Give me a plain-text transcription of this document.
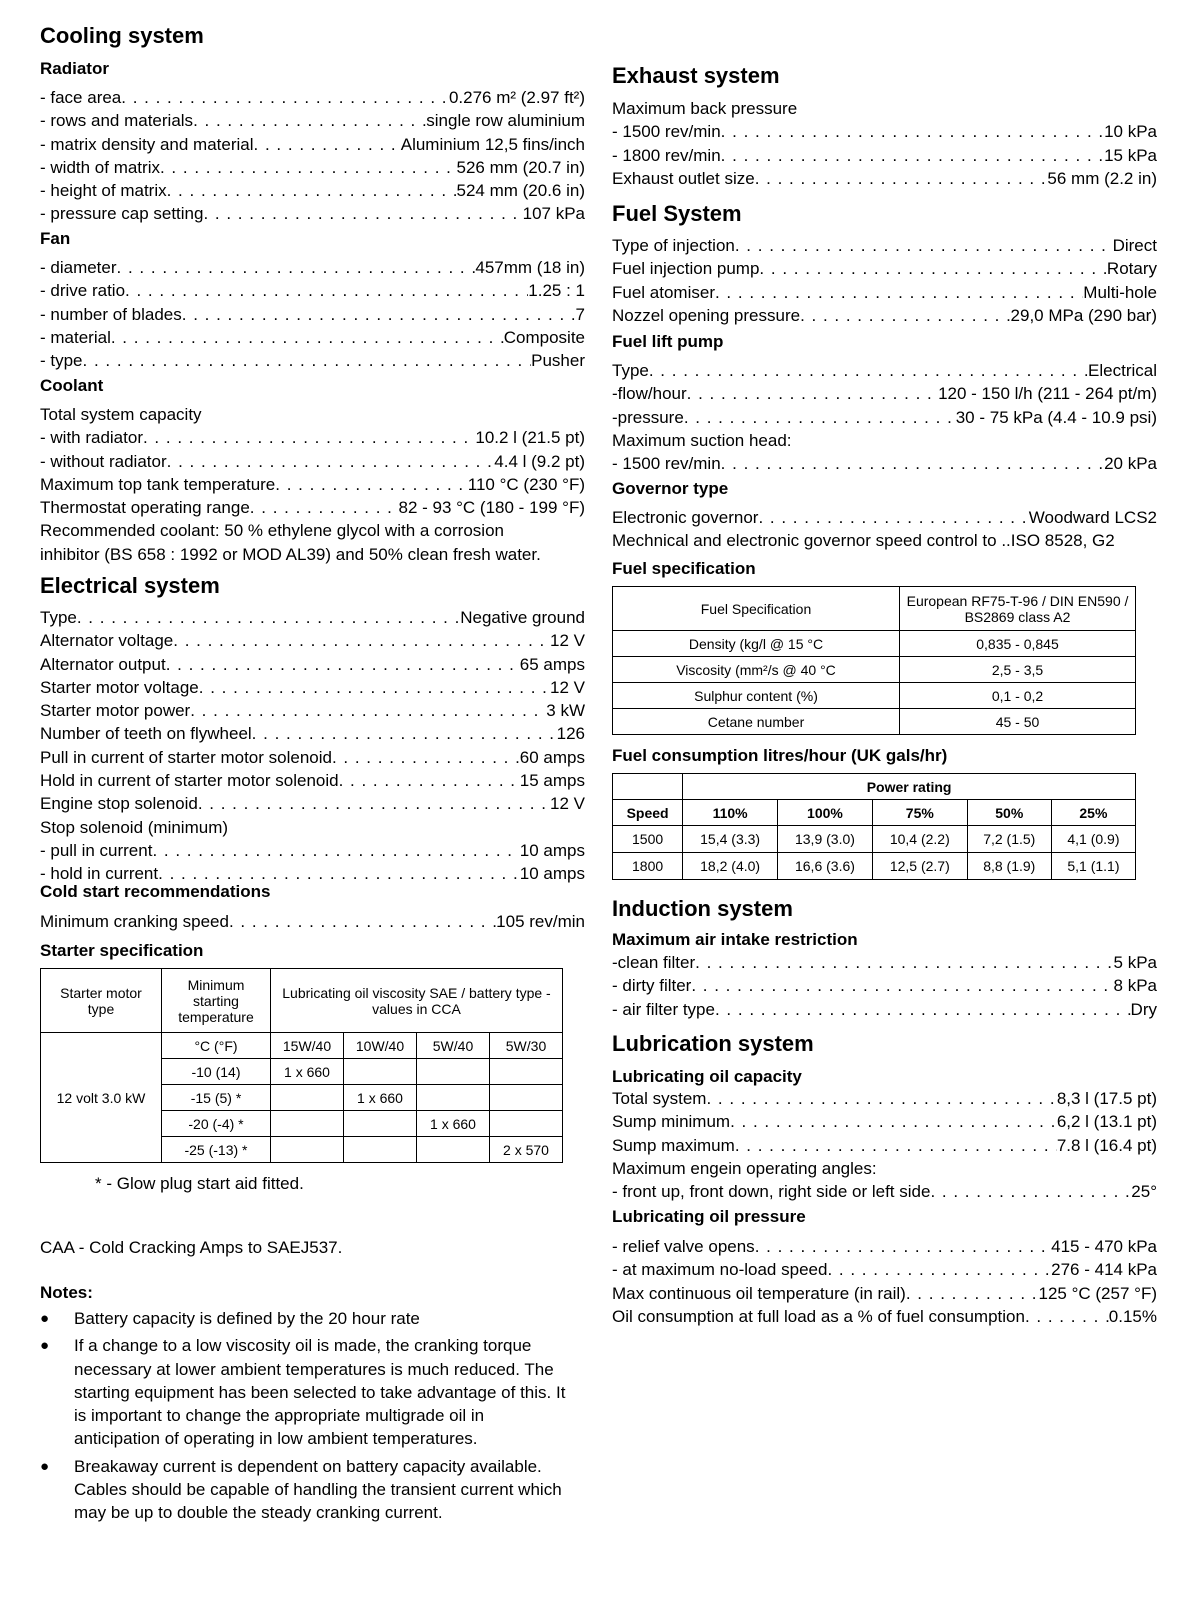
Cooling system
Radiator
- face area . . .	0.276 m² (2.97 ft²)
- rows and materials . . .	single row aluminium
- matrix density and material . . .	Aluminium 12,5 fins/inch
- width of matrix . . .	526 mm (20.7 in)
- height of matrix . . .	524 mm (20.6 in)
- pressure cap setting . . .	107 kPa
Fan
- diameter . . .	457mm (18 in)
- drive ratio . . .	1.25 : 1
- number of blades . . .	7
- material . . .	Composite
- type . . .	Pusher
Coolant
Total system capacity
- with radiator . . .	10.2 l (21.5 pt)
- without radiator . . .	4.4 l (9.2 pt)
Maximum top tank temperature . . .	110 °C (230 °F)
Thermostat operating range . . .	82 - 93 °C (180 - 199 °F)
Recommended coolant: 50 % ethylene glycol with a corrosion
inhibitor (BS 658 : 1992 or MOD AL39) and 50% clean fresh water.
Electrical system
Type . . .	Negative ground
Alternator voltage . . .	12 V
Alternator output . . .	65 amps
Starter motor voltage . . .	12 V
Starter motor power . . .	3 kW
Number of teeth on flywheel . . .	126
Pull in current of starter motor solenoid . . .	60 amps
Hold in current of starter motor solenoid . . .	15 amps
Engine stop solenoid . . .	12 V
Stop solenoid (minimum)
- pull in current . . .	10 amps
- hold in current . . .	10 amps
Cold start recommendations
Minimum cranking speed . . .	105 rev/min
Starter specification
Starter motor type	Minimum starting temperature	Lubricating oil viscosity SAE / battery type - values in CCA			
12 volt 3.0 kW	°C (°F)	15W/40	10W/40	5W/40	5W/30
	-10 (14)	1 x 660			
	-15 (5) *		1 x 660		
	-20 (-4) *			1 x 660	
	-25 (-13) *				2 x 570
* - Glow plug start aid fitted.
CAA - Cold Cracking Amps to SAEJ537.
Notes:
●	Battery capacity is defined by the 20 hour rate
●	If a change to a low viscosity oil is made, the cranking torque necessary at lower ambient temperatures is much reduced. The starting equipment has been selected to take advantage of this. It is important to change the appropriate multigrade oil in anticipation of operating in low ambient temperatures.
●	Breakaway current is dependent on battery capacity available. Cables should be capable of handling the transient current which may be up to double the steady cranking current.
Exhaust system
Maximum back pressure
- 1500 rev/min . . .	10 kPa
- 1800 rev/min . . .	15 kPa
Exhaust outlet size . . .	56 mm (2.2 in)
Fuel System
Type of injection . . .	Direct
Fuel injection pump . . .	Rotary
Fuel atomiser . . .	Multi-hole
Nozzel opening pressure . . .	29,0 MPa (290 bar)
Fuel lift pump
Type . . .	Electrical
-flow/hour . . .	120 - 150 l/h (211 - 264 pt/m)
-pressure . . .	30 - 75 kPa (4.4 - 10.9 psi)
Maximum suction head:
- 1500 rev/min . . .	20 kPa
Governor type
Electronic governor . . .	Woodward LCS2
Mechnical and electronic governor speed control to ..ISO 8528, G2
Fuel specification
Fuel Specification	European RF75-T-96 / DIN EN590 / BS2869 class A2
Density (kg/l @ 15 °C	0,835 - 0,845
Viscosity (mm²/s @ 40 °C	2,5 - 3,5
Sulphur content (%)	0,1 - 0,2
Cetane number	45 - 50
Fuel consumption litres/hour (UK gals/hr)
	Power rating				
Speed	110%	100%	75%	50%	25%
1500	15,4 (3.3)	13,9 (3.0)	10,4 (2.2)	7,2 (1.5)	4,1 (0.9)
1800	18,2 (4.0)	16,6 (3.6)	12,5 (2.7)	8,8 (1.9)	5,1 (1.1)
Induction system
Maximum air intake restriction
-clean filter . . .	5 kPa
- dirty filter . . .	8 kPa
- air filter type . . .	Dry
Lubrication system
Lubricating oil capacity
Total system . . .	8,3 l (17.5 pt)
Sump minimum . . .	6,2 l (13.1 pt)
Sump maximum . . .	7.8 l (16.4 pt)
Maximum engein operating angles:
- front up, front down, right side or left side . . .	25°
Lubricating oil pressure
- relief valve opens . . .	415 - 470 kPa
- at maximum no-load speed . . .	276 - 414 kPa
Max continuous oil temperature (in rail) . . .	125 °C (257 °F)
Oil consumption at full load as a % of fuel consumption . . .	0.15%
